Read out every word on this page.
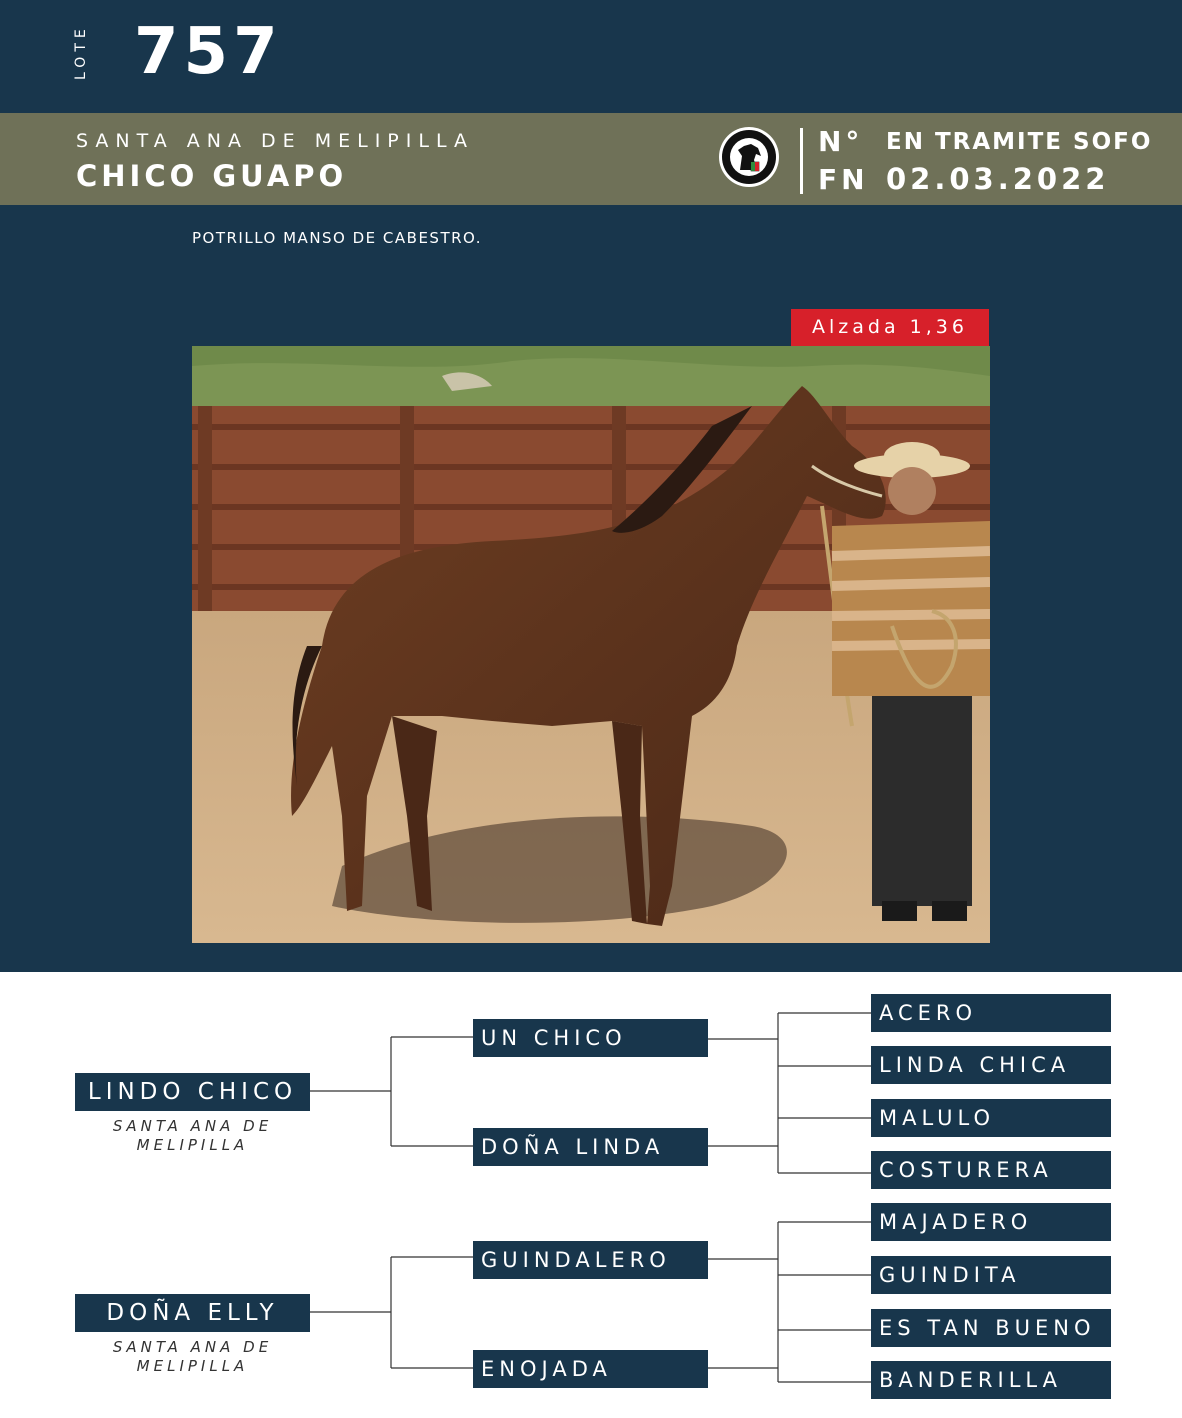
LOTE 757
SANTA ANA DE MELIPILLA
CHICO GUAPO
N°
FN
EN TRAMITE SOFO
02.03.2022
POTRILLO MANSO DE CABESTRO.
Alzada 1,36
LINDO CHICO
SANTA ANA DE MELIPILLA
DOÑA ELLY
SANTA ANA DE MELIPILLA
UN CHICO
DOÑA LINDA
GUINDALERO
ENOJADA
ACERO
LINDA CHICA
MALULO
COSTURERA
MAJADERO
GUINDITA
ES TAN BUENO
BANDERILLA
